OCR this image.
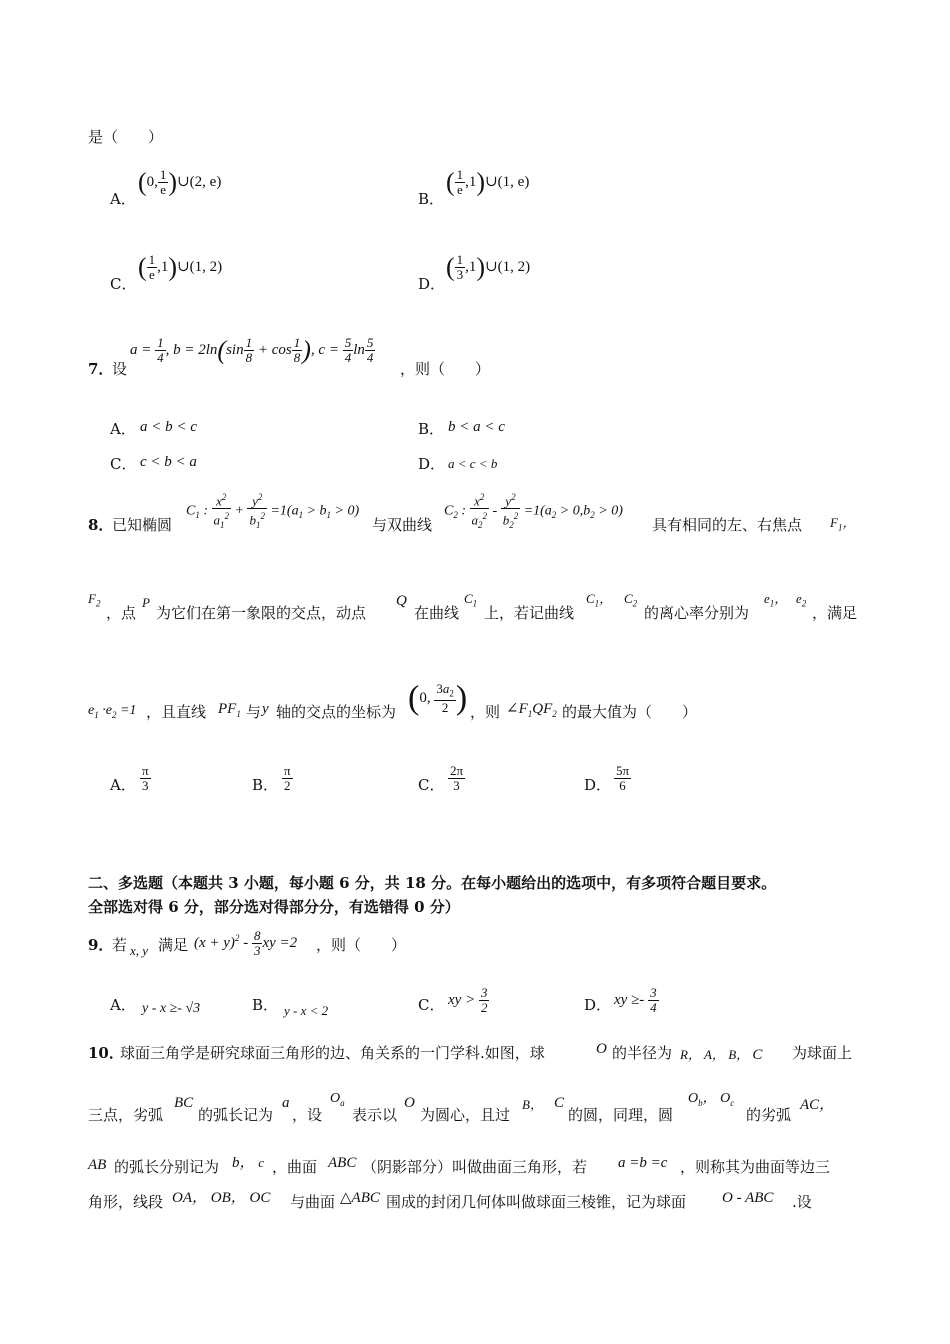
是（　　）
A．
(0, $\frac{1}{e}$ )∪(2, e)
B．
( $\frac{1}{e}$ ,1)∪(1, e)
C．
( $\frac{1}{e}$ ,1)∪(1, 2)
D．
( $\frac{1}{3}$ ,1)∪(1, 2)
7．
设
$a = \frac{1}{4}$ , $b = 2\ln(\sin \frac{1}{8} + \cos \frac{1}{8}$ ), $c = \frac{5}{4}$ $\ln \frac{5}{4}$
，则（　　）
A． a < b < c	B． b < a < c
C． c < b < a	D． a < c < b
8．
已知椭圆
$C_1$ : $\frac{x^2}{a_1^2} + \frac{y^2}{b_1^2} =1(a_1 > b_1 > 0)$
与双曲线
$C_2$ : $\frac{x^2}{a_2^2} - \frac{y^2}{b_2^2} =1(a_2 > 0,b_2 > 0)$
具有相同的左、右焦点 $F_1$，
$F_2$
，点
P
为它们在第一象限的交点，动点
Q
在曲线
$C_1$
上，若记曲线
$C_1$， $C_2$
的离心率分别为
$e_1$， $e_2$
，满足
$e_1 \cdot e_2 =1$ ，且直线 $PF_1$ 与 y 轴的交点的坐标为 (0, $\frac{3a_2}{2}$ ) ，则 $\angle F_1QF_2$ 的最大值为（　　）
A． $\frac{\pi}{3}$	B． $\frac{\pi}{2}$	C． $\frac{2\pi}{3}$	D． $\frac{5\pi}{6}$
二、多选题（本题共 3 小题，每小题 6 分，共 18 分。在每小题给出的选项中，有多项符合题目要求。
全部选对得 6 分，部分选对得部分分，有选错得 0 分）
9．
若 x, y 满足 $(x + y)^2 - \frac{8}{3}$ xy =2 ，则（　　）
A． y - x ≥- √3	B． y - x < 2	C． xy > $\frac{3}{2}$	D． xy ≥- $\frac{3}{4}$
10．
球面三角学是研究球面三角形的边、角关系的一门学科.如图，球	O 的半径为 R， A， B， C 为球面上
三点，劣弧
BC
的弧长记为
a
，设
$O_a$
表示以
O
为圆心，且过
B， C
的圆，同理，圆
$O_b$， $O_c$
的劣弧
AC，
AB 的弧长分别记为 b， c ，曲面 ABC （阴影部分）叫做曲面三角形，若 a =b =c ，则称其为曲面等边三
角形，线段 OA， OB， OC 与曲面 △ABC 围成的封闭几何体叫做球面三棱锥，记为球面 O - ABC .设
